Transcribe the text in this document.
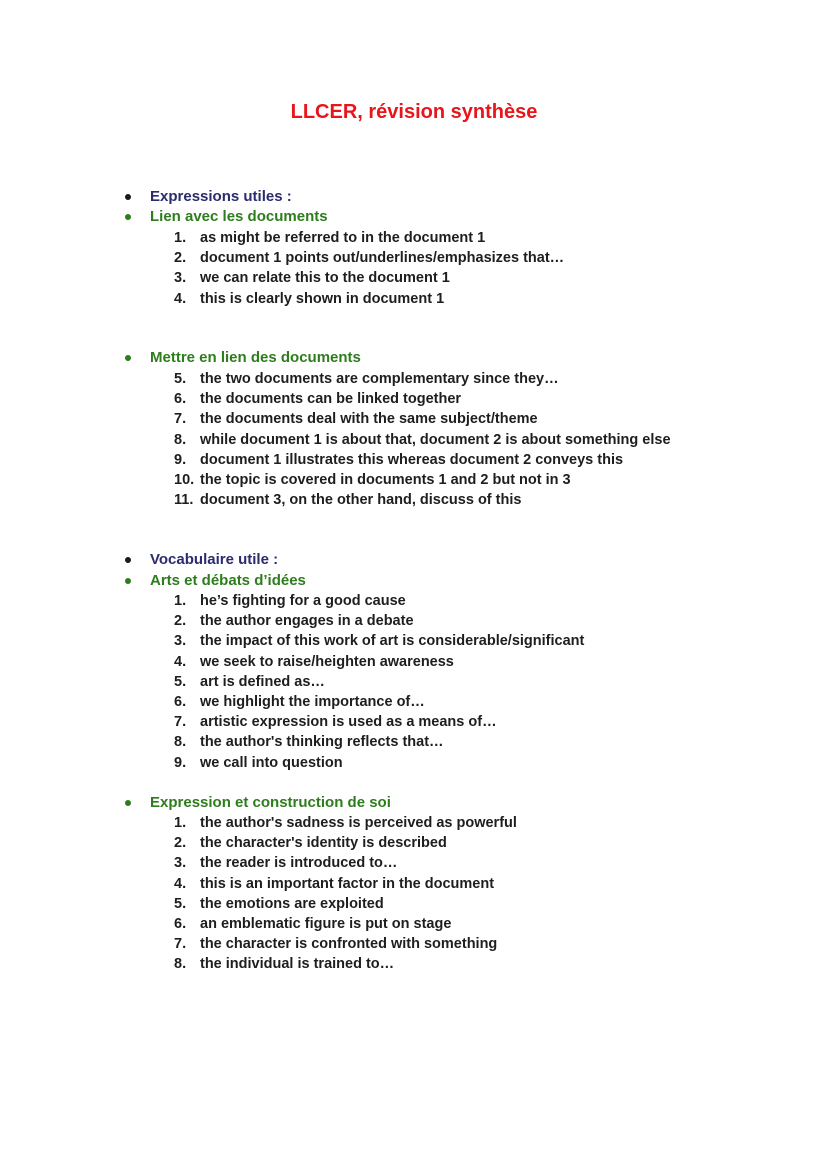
LLCER, révision synthèse
Expressions utiles :
Lien avec les documents
1. as might be referred to in the document 1
2. document 1 points out/underlines/emphasizes that…
3. we can relate this to the document 1
4. this is clearly shown in document 1
Mettre en lien des documents
5. the two documents are complementary since they…
6. the documents can be linked together
7. the documents deal with the same subject/theme
8. while document 1 is about that, document 2 is about something else
9. document 1 illustrates this whereas document 2 conveys this
10. the topic is covered in documents 1 and 2 but not in 3
11. document 3, on the other hand, discuss of this
Vocabulaire utile :
Arts et débats d’idées
1. he’s fighting for a good cause
2. the author engages in a debate
3. the impact of this work of art is considerable/significant
4. we seek to raise/heighten awareness
5. art is defined as…
6. we highlight the importance of…
7. artistic expression is used as a means of…
8. the author's thinking reflects that…
9. we call into question
Expression et construction de soi
1. the author's sadness is perceived as powerful
2. the character's identity is described
3. the reader is introduced to…
4. this is an important factor in the document
5. the emotions are exploited
6. an emblematic figure is put on stage
7. the character is confronted with something
8. the individual is trained to…
